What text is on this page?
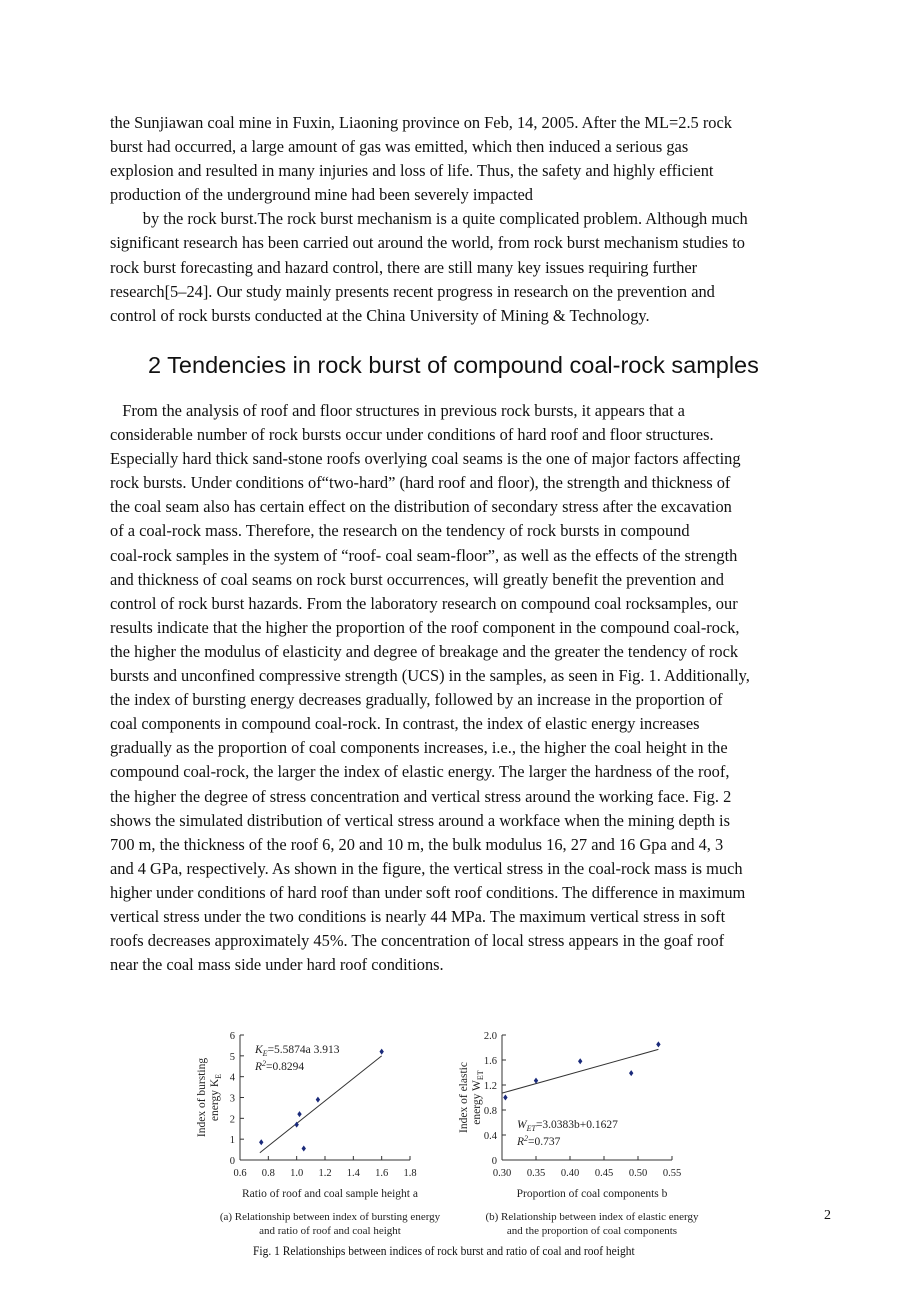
the Sunjiawan coal mine in Fuxin, Liaoning province on Feb, 14, 2005. After the ML=2.5 rock

burst had occurred, a large amount of gas was emitted, which then induced a serious gas

explosion and resulted in many injuries and loss of life. Thus, the safety and highly efficient

production of the underground mine had been severely impacted

by the rock burst.The rock burst mechanism is a quite complicated problem. Although much

significant research has been carried out around the world, from rock burst mechanism studies to

rock burst forecasting and hazard control, there are still many key issues requiring further

research[5–24]. Our study mainly presents recent progress in research on the prevention and

control of rock bursts conducted at the China University of Mining & Technology.

2 Tendencies in rock burst of compound coal-rock samples

From the analysis of roof and floor structures in previous rock bursts, it appears that a

considerable number of rock bursts occur under conditions of hard roof and floor structures.

Especially hard thick sand-stone roofs overlying coal seams is the one of major factors affecting

rock bursts. Under conditions of“two-hard” (hard roof and floor), the strength and thickness of

the coal seam also has certain effect on the distribution of secondary stress after the excavation

of a coal-rock mass. Therefore, the research on the tendency of rock bursts in compound

coal-rock samples in the system of “roof- coal seam-floor”, as well as the effects of the strength

and thickness of coal seams on rock burst occurrences, will greatly benefit the prevention and

control of rock burst hazards. From the laboratory research on compound coal rocksamples, our

results indicate that the higher the proportion of the roof component in the compound coal-rock,

the higher the modulus of elasticity and degree of breakage and the greater the tendency of rock

bursts and unconfined compressive strength (UCS) in the samples, as seen in Fig. 1. Additionally,

the index of bursting energy decreases gradually, followed by an increase in the proportion of

coal components in compound coal-rock. In contrast, the index of elastic energy increases

gradually as the proportion of coal components increases, i.e., the higher the coal height in the

compound coal-rock, the larger the index of elastic energy. The larger the hardness of the roof,

the higher the degree of stress concentration and vertical stress around the working face. Fig. 2

shows the simulated distribution of vertical stress around a workface when the mining depth is

700 m, the thickness of the roof 6, 20 and 10 m, the bulk modulus 16, 27 and 16 Gpa and 4, 3

and 4 GPa, respectively. As shown in the figure, the vertical stress in the coal-rock mass is much

higher under conditions of hard roof than under soft roof conditions. The difference in maximum

vertical stress under the two conditions is nearly 44 MPa. The maximum vertical stress in soft

roofs decreases approximately 45%. The concentration of local stress appears in the goaf roof

near the coal mass side under hard roof conditions.

0
1
2
3
4
5
6
0.6 0.8 1.0 1.2 1.4 1.6 1.8
$K_E=5.5874a$ 3.913
$R^2=0.8294$
Index of bursting energy $K_E$
Ratio of roof and coal sample height a
(a) Relationship between index of bursting energy
and ratio of roof and coal height
0
0.4
0.8
1.2
1.6
2.0
0.30 0.35 0.40 0.45 0.50 0.55
$W_{ET}=3.0383b+0.1627$
$R^2=0.737$
Index of elastic energy $W_{ET}$
Proportion of coal components b
(b) Relationship between index of elastic energy
and the proportion of coal components
Fig. 1 Relationships between indices of rock burst and ratio of coal and roof height
2
